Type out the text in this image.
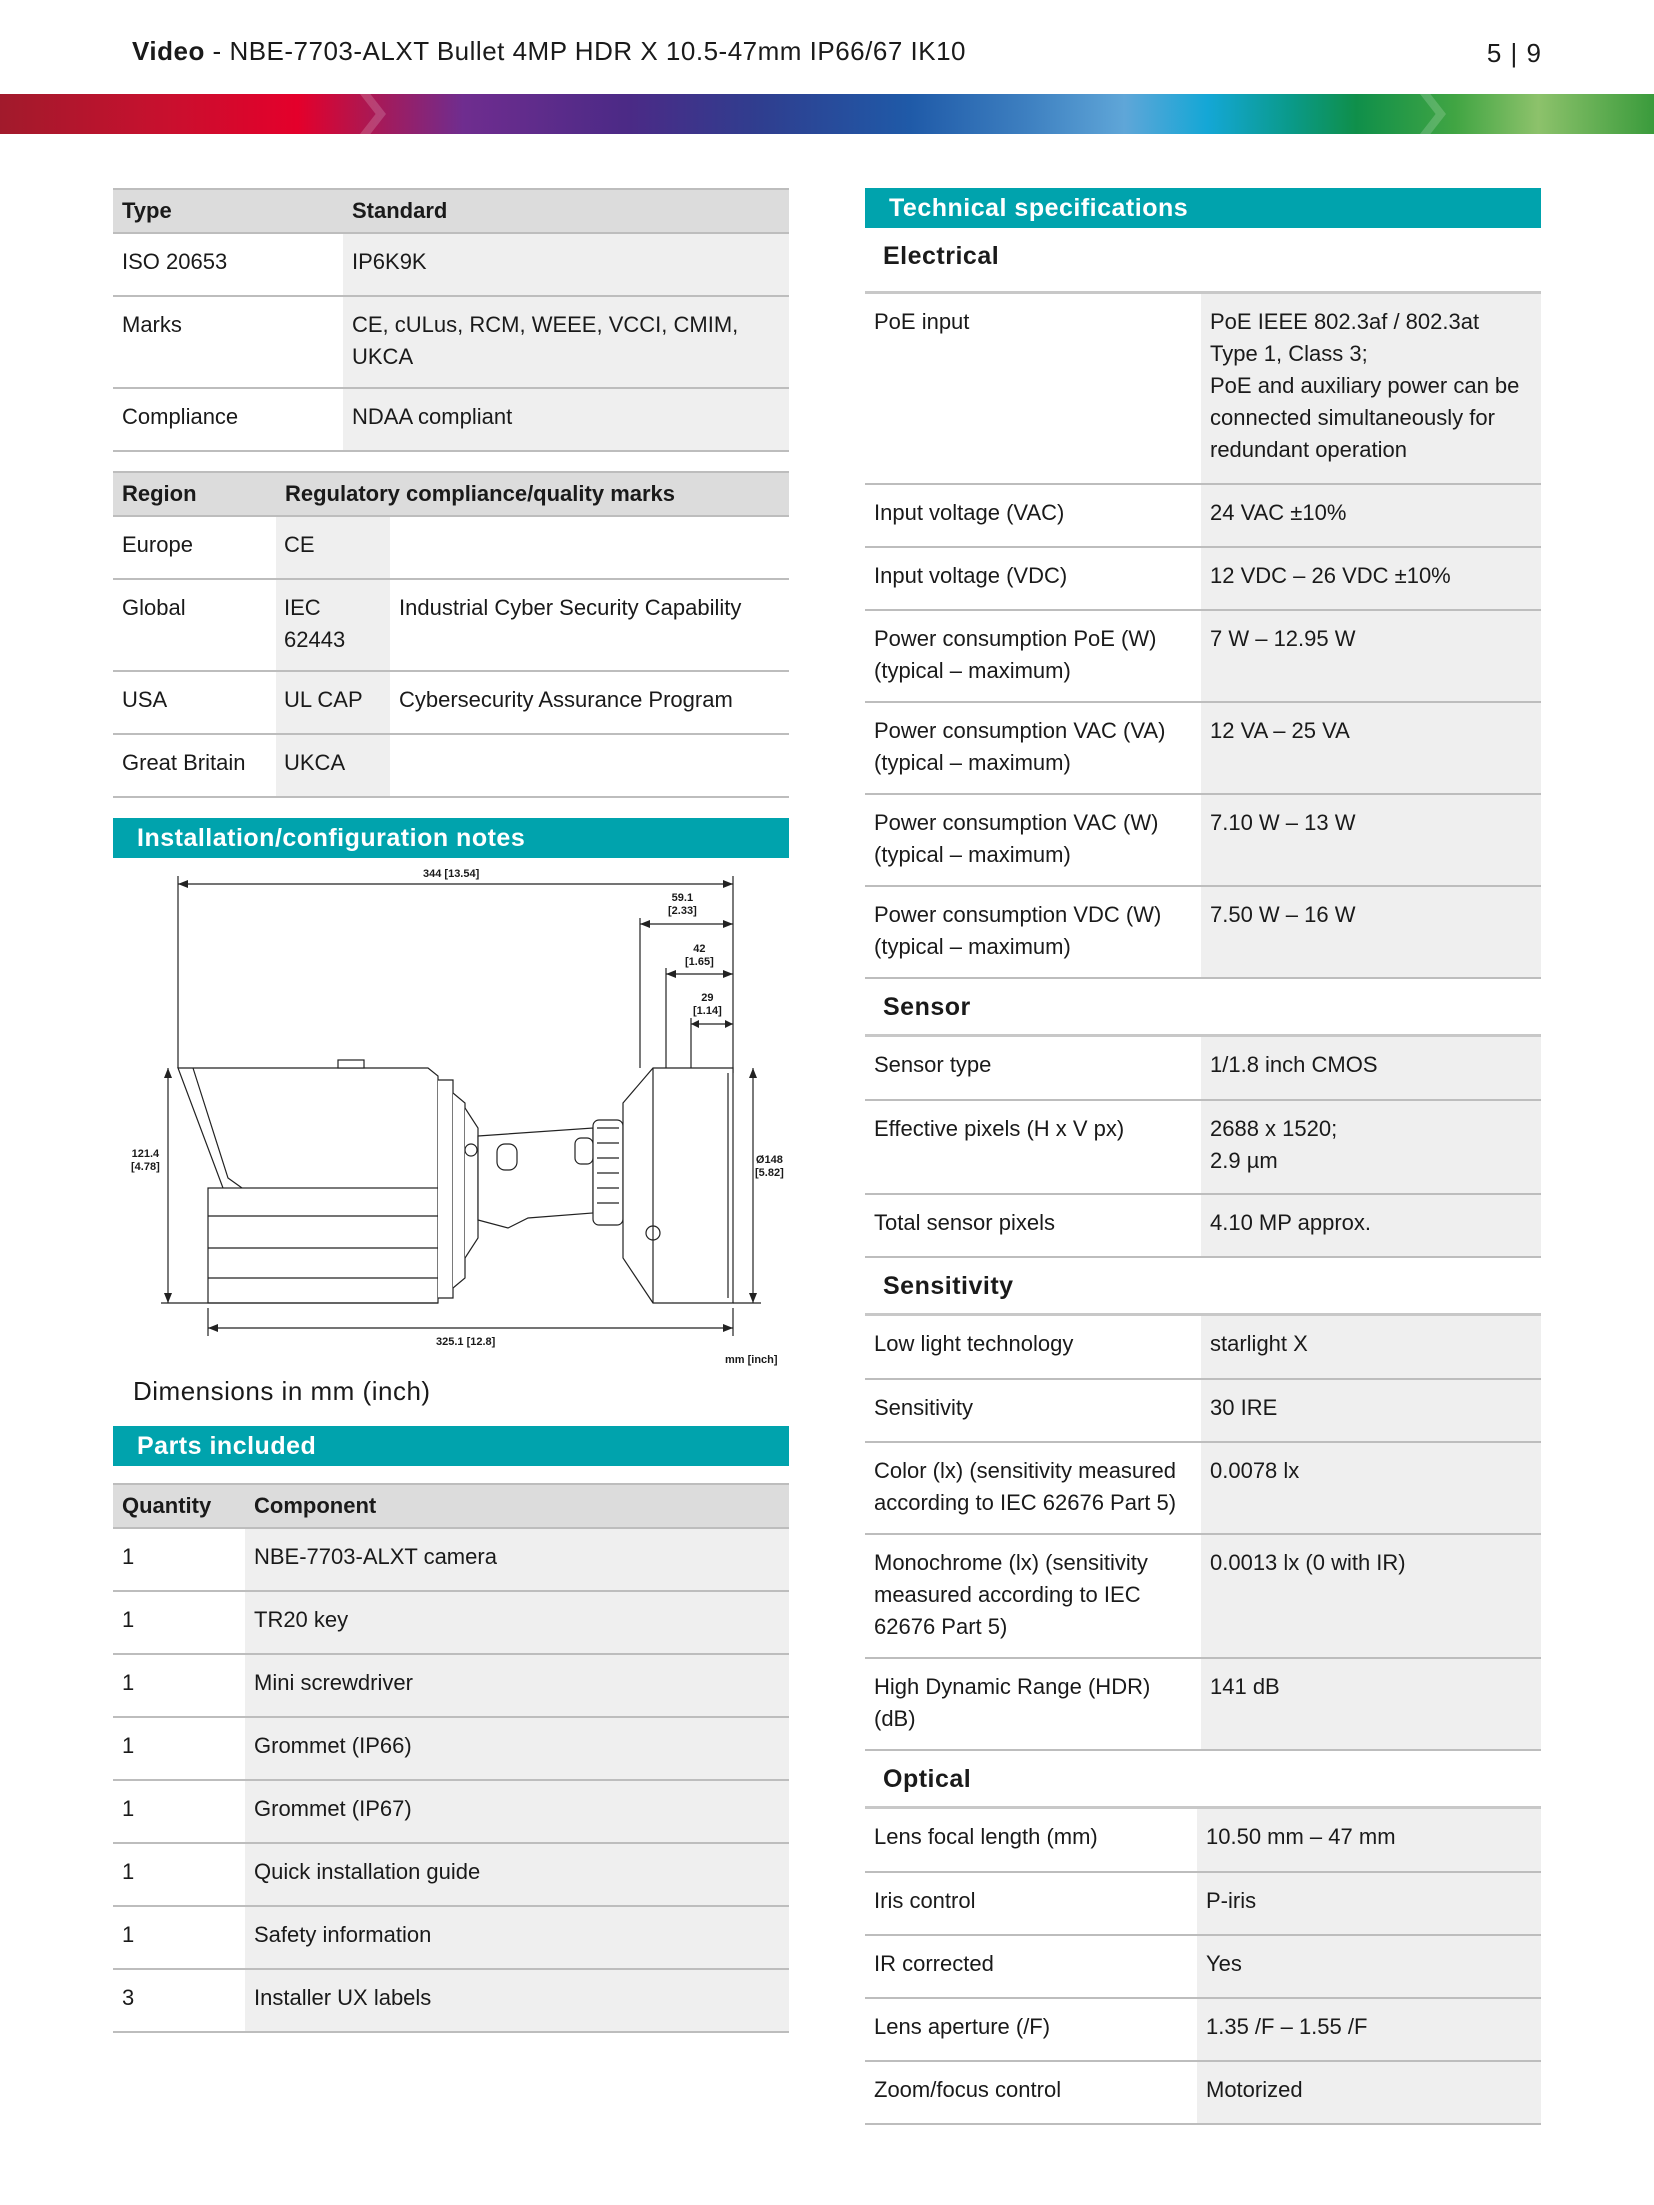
Video - NBE-7703-ALXT Bullet 4MP HDR X 10.5-47mm IP66/67 IK10	5 | 9
Type	Standard
ISO 20653	IP6K9K
Marks	CE, cULus, RCM, WEEE, VCCI, CMIM, UKCA
Compliance	NDAA compliant
Region	Regulatory compliance/quality marks	
Europe	CE	
Global	IEC 62443	Industrial Cyber Security Capability
USA	UL CAP	Cybersecurity Assurance Program
Great Britain	UKCA	
Installation/configuration notes
344 [13.54]
59.1
[2.33]
42
[1.65]
29
[1.14]
121.4
[4.78]
Ø148
[5.82]
325.1 [12.8]
mm [inch]
Dimensions in mm (inch)
Parts included
Quantity	Component
1	NBE-7703-ALXT camera
1	TR20 key
1	Mini screwdriver
1	Grommet (IP66)
1	Grommet (IP67)
1	Quick installation guide
1	Safety information
3	Installer UX labels
Technical specifications
Electrical
PoE input	PoE IEEE 802.3af / 802.3at Type 1, Class 3;
PoE and auxiliary power can be connected simultaneously for redundant operation
Input voltage (VAC)	24 VAC ±10%
Input voltage (VDC)	12 VDC – 26 VDC ±10%
Power consumption PoE (W) (typical – maximum)	7 W – 12.95 W
Power consumption VAC (VA) (typical – maximum)	12 VA – 25 VA
Power consumption VAC (W) (typical – maximum)	7.10 W – 13 W
Power consumption VDC (W) (typical – maximum)	7.50 W – 16 W
Sensor
Sensor type	1/1.8 inch CMOS
Effective pixels (H x V px)	2688 x 1520;
2.9 µm
Total sensor pixels	4.10 MP approx.
Sensitivity
Low light technology	starlight X
Sensitivity	30 IRE
Color (lx) (sensitivity measured according to IEC 62676 Part 5)	0.0078 lx
Monochrome (lx) (sensitivity measured according to IEC 62676 Part 5)	0.0013 lx (0 with IR)
High Dynamic Range (HDR) (dB)	141 dB
Optical
Lens focal length (mm)	10.50 mm – 47 mm
Iris control	P-iris
IR corrected	Yes
Lens aperture (/F)	1.35 /F – 1.55 /F
Zoom/focus control	Motorized
